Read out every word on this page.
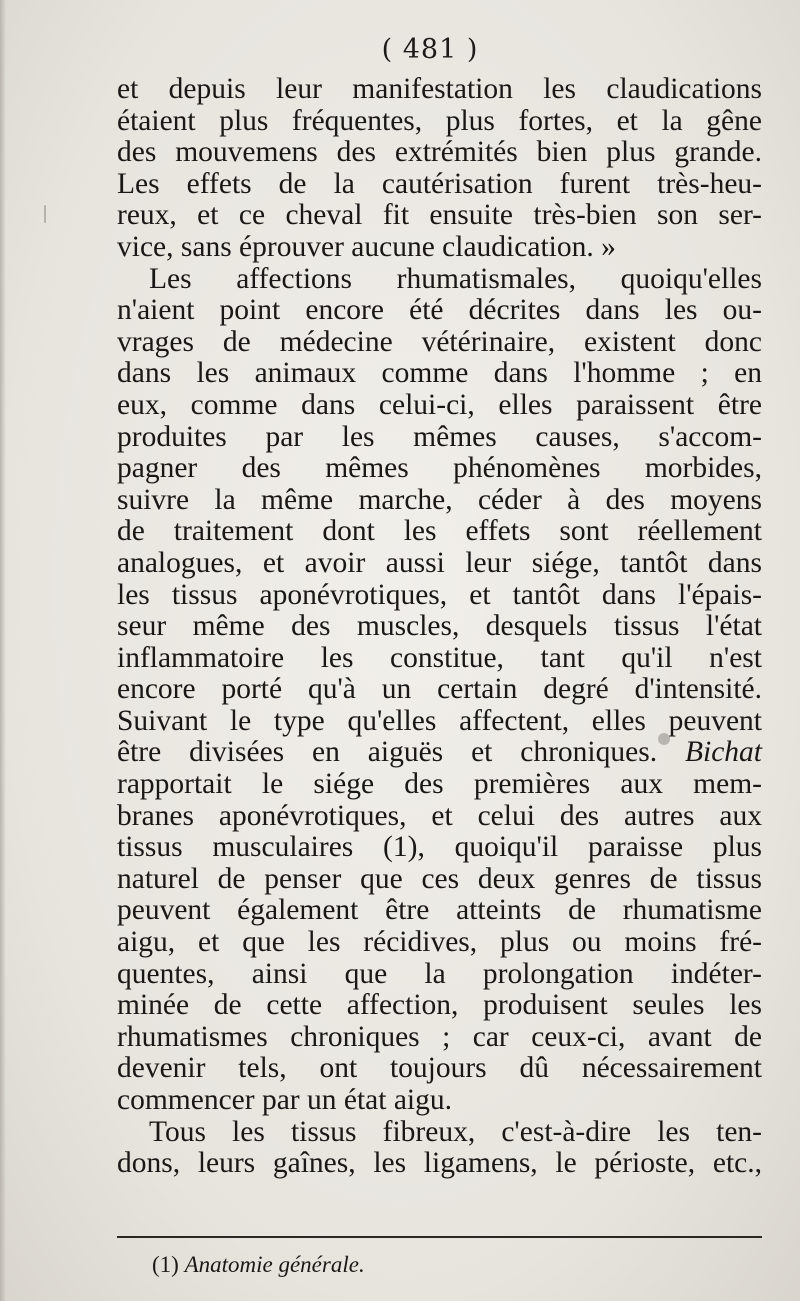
( 481 )
et depuis leur manifestation les claudications
étaient plus fréquentes, plus fortes, et la gêne
des mouvemens des extrémités bien plus grande.
Les effets de la cautérisation furent très-heu-
reux, et ce cheval fit ensuite très-bien son ser-
vice, sans éprouver aucune claudication. »
Les affections rhumatismales, quoiqu'elles
n'aient point encore été décrites dans les ou-
vrages de médecine vétérinaire, existent donc
dans les animaux comme dans l'homme ; en
eux, comme dans celui-ci, elles paraissent être
produites par les mêmes causes, s'accom-
pagner des mêmes phénomènes morbides,
suivre la même marche, céder à des moyens
de traitement dont les effets sont réellement
analogues, et avoir aussi leur siége, tantôt dans
les tissus aponévrotiques, et tantôt dans l'épais-
seur même des muscles, desquels tissus l'état
inflammatoire les constitue, tant qu'il n'est
encore porté qu'à un certain degré d'intensité.
Suivant le type qu'elles affectent, elles peuvent
être divisées en aiguës et chroniques. Bichat
rapportait le siége des premières aux mem-
branes aponévrotiques, et celui des autres aux
tissus musculaires (1), quoiqu'il paraisse plus
naturel de penser que ces deux genres de tissus
peuvent également être atteints de rhumatisme
aigu, et que les récidives, plus ou moins fré-
quentes, ainsi que la prolongation indéter-
minée de cette affection, produisent seules les
rhumatismes chroniques ; car ceux-ci, avant de
devenir tels, ont toujours dû nécessairement
commencer par un état aigu.
Tous les tissus fibreux, c'est-à-dire les ten-
dons, leurs gaînes, les ligamens, le périoste, etc.,
(1) Anatomie générale.
